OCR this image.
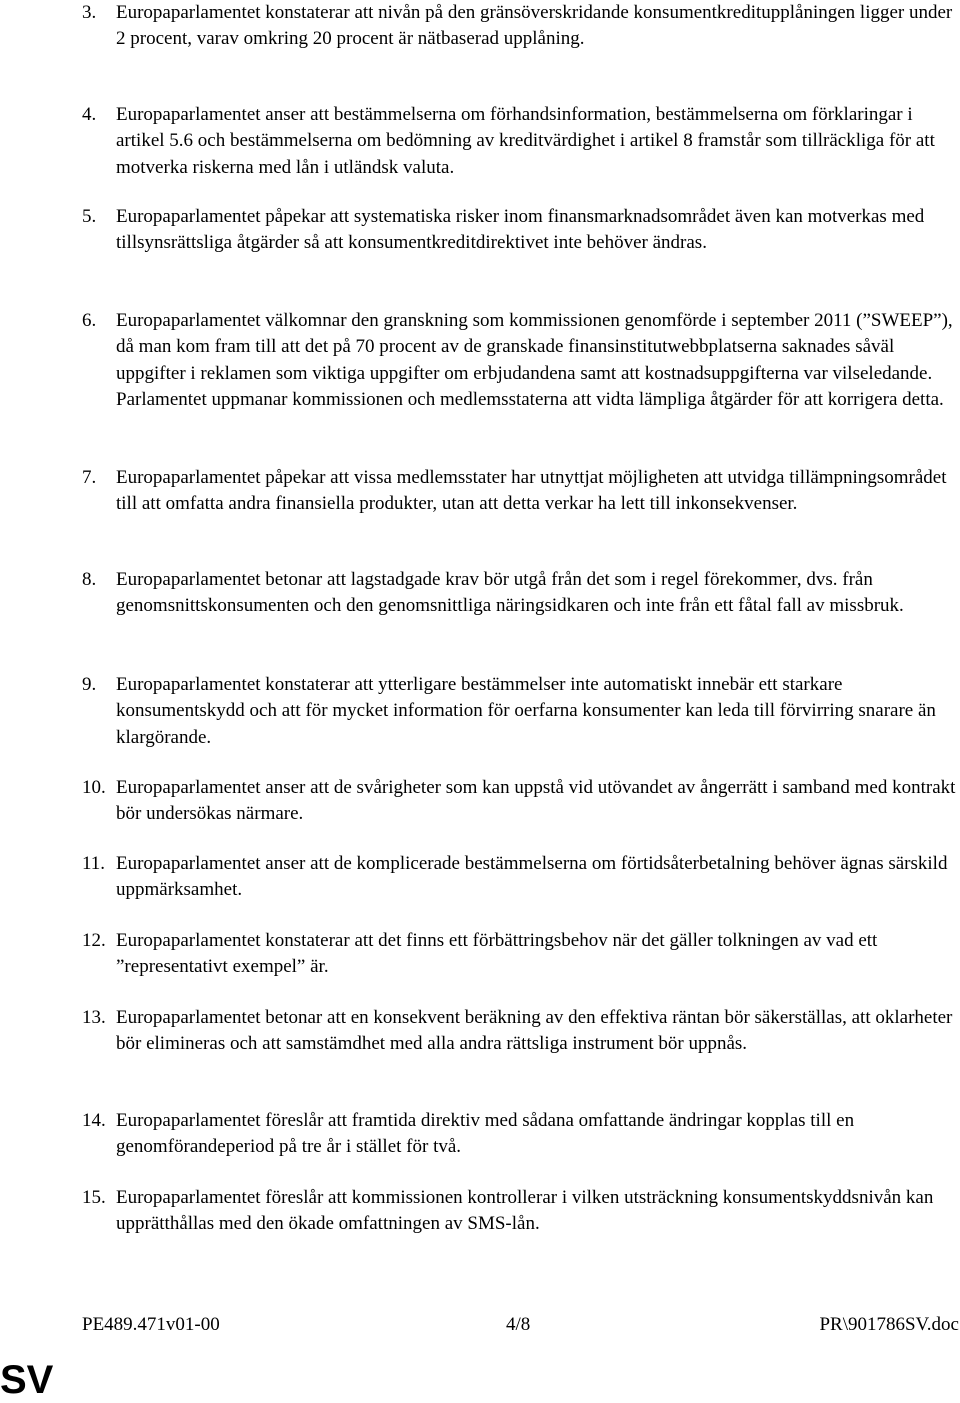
3. Europaparlamentet konstaterar att nivån på den gränsöverskridande konsumentkreditupplåningen ligger under 2 procent, varav omkring 20 procent är nätbaserad upplåning.
4. Europaparlamentet anser att bestämmelserna om förhandsinformation, bestämmelserna om förklaringar i artikel 5.6 och bestämmelserna om bedömning av kreditvärdighet i artikel 8 framstår som tillräckliga för att motverka riskerna med lån i utländsk valuta.
5. Europaparlamentet påpekar att systematiska risker inom finansmarknadsområdet även kan motverkas med tillsynsrättsliga åtgärder så att konsumentkreditdirektivet inte behöver ändras.
6. Europaparlamentet välkomnar den granskning som kommissionen genomförde i september 2011 (”SWEEP”), då man kom fram till att det på 70 procent av de granskade finansinstitutwebbplatserna saknades såväl uppgifter i reklamen som viktiga uppgifter om erbjudandena samt att kostnadsuppgifterna var vilseledande. Parlamentet uppmanar kommissionen och medlemsstaterna att vidta lämpliga åtgärder för att korrigera detta.
7. Europaparlamentet påpekar att vissa medlemsstater har utnyttjat möjligheten att utvidga tillämpningsområdet till att omfatta andra finansiella produkter, utan att detta verkar ha lett till inkonsekvenser.
8. Europaparlamentet betonar att lagstadgade krav bör utgå från det som i regel förekommer, dvs. från genomsnittskonsumenten och den genomsnittliga näringsidkaren och inte från ett fåtal fall av missbruk.
9. Europaparlamentet konstaterar att ytterligare bestämmelser inte automatiskt innebär ett starkare konsumentskydd och att för mycket information för oerfarna konsumenter kan leda till förvirring snarare än klargörande.
10. Europaparlamentet anser att de svårigheter som kan uppstå vid utövandet av ångerrätt i samband med kontrakt bör undersökas närmare.
11. Europaparlamentet anser att de komplicerade bestämmelserna om förtidsåterbetalning behöver ägnas särskild uppmärksamhet.
12. Europaparlamentet konstaterar att det finns ett förbättringsbehov när det gäller tolkningen av vad ett ”representativt exempel” är.
13. Europaparlamentet betonar att en konsekvent beräkning av den effektiva räntan bör säkerställas, att oklarheter bör elimineras och att samstämdhet med alla andra rättsliga instrument bör uppnås.
14. Europaparlamentet föreslår att framtida direktiv med sådana omfattande ändringar kopplas till en genomförandeperiod på tre år i stället för två.
15. Europaparlamentet föreslår att kommissionen kontrollerar i vilken utsträckning konsumentskyddsnivån kan upprätthållas med den ökade omfattningen av SMS-lån.
PE489.471v01-00	4/8	PR\901786SV.doc
SV
